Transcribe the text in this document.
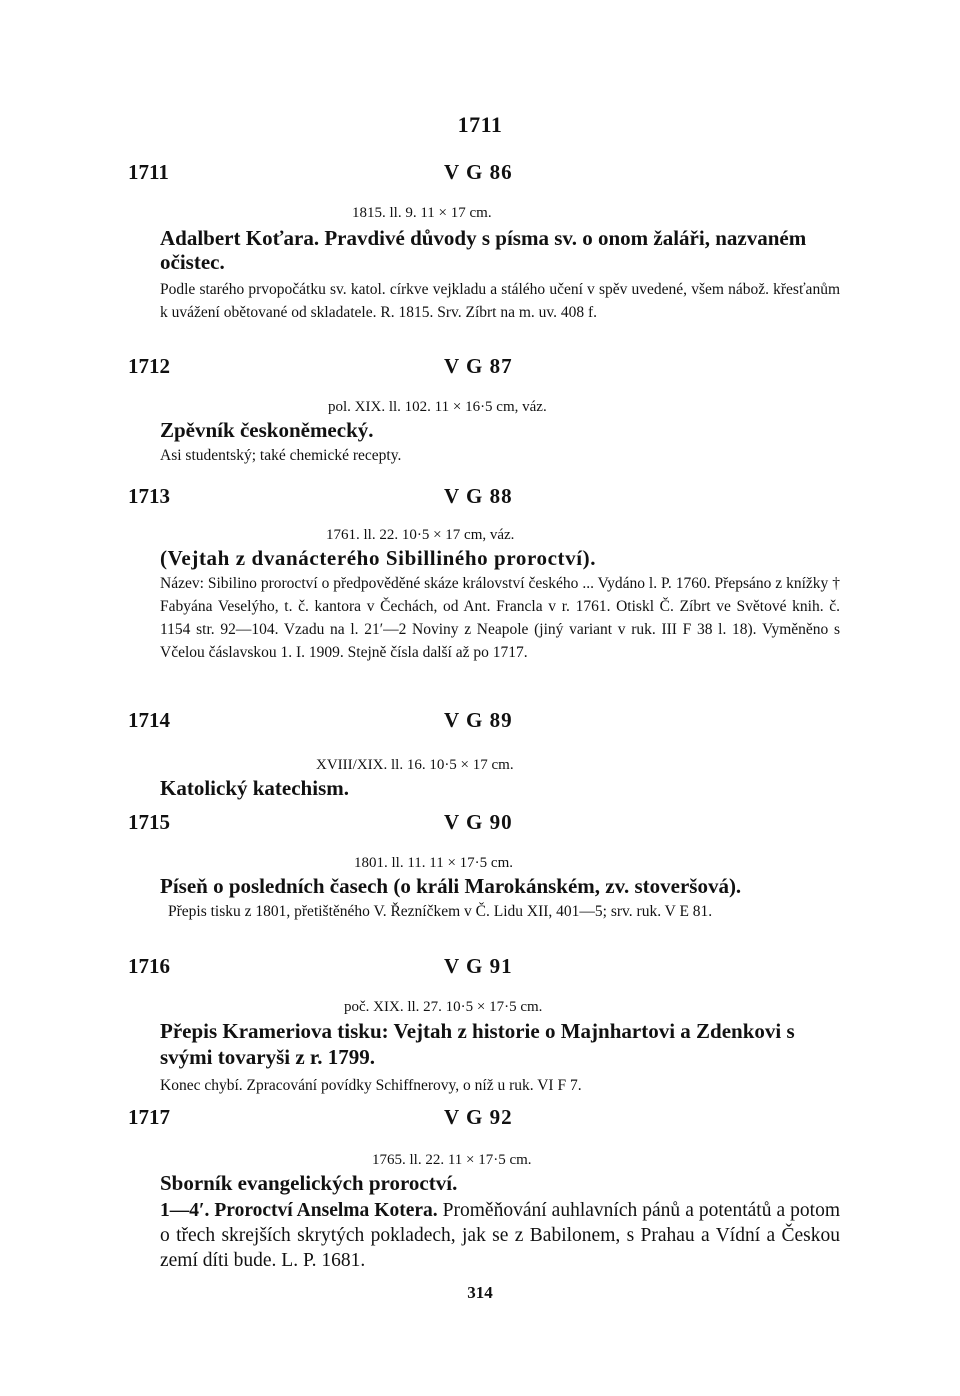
1711
1711	V G 86
1815. ll. 9. 11 × 17 cm.
Adalbert Koťara. Pravdivé důvody s písma sv. o onom žaláři, nazvaném očistec.
Podle starého prvopočátku sv. katol. církve vejkladu a stálého učení v spěv uvedené, všem nábož. křesťanům k uvážení obětované od skladatele. R. 1815. Srv. Zíbrt na m. uv. 408 f.
1712	V G 87
pol. XIX. ll. 102. 11 × 16·5 cm, váz.
Zpěvník českoněmecký.
Asi studentský; také chemické recepty.
1713	V G 88
1761. ll. 22. 10·5 × 17 cm, váz.
(Vejtah z dvanácterého Sibilliného proroctví).
Název: Sibilino proroctví o předpověděné skáze království českého ... Vydáno l. P. 1760. Přepsáno z knížky † Fabyána Veselýho, t. č. kantora v Čechách, od Ant. Francla v r. 1761. Otiskl Č. Zíbrt ve Světové knih. č. 1154 str. 92—104. Vzadu na l. 21′—2 Noviny z Neapole (jiný variant v ruk. III F 38 l. 18). Vyměněno s Včelou čáslavskou 1. I. 1909. Stejně čísla další až po 1717.
1714	V G 89
XVIII/XIX. ll. 16. 10·5 × 17 cm.
Katolický katechism.
1715	V G 90
1801. ll. 11. 11 × 17·5 cm.
Píseň o posledních časech (o králi Marokánském, zv. stoveršová).
Přepis tisku z 1801, přetištěného V. Řezníčkem v Č. Lidu XII, 401—5; srv. ruk. V E 81.
1716	V G 91
poč. XIX. ll. 27. 10·5 × 17·5 cm.
Přepis Krameriova tisku: Vejtah z historie o Majnhartovi a Zdenkovi s svými tovaryši z r. 1799.
Konec chybí. Zpracování povídky Schiffnerovy, o níž u ruk. VI F 7.
1717	V G 92
1765. ll. 22. 11 × 17·5 cm.
Sborník evangelických proroctví.
1—4′. Proroctví Anselma Kotera. Proměňování auhlavních pánů a potentátů a potom o třech skrejších skrytých pokladech, jak se z Babilonem, s Prahau a Vídní a Českou zemí díti bude. L. P. 1681.
314
